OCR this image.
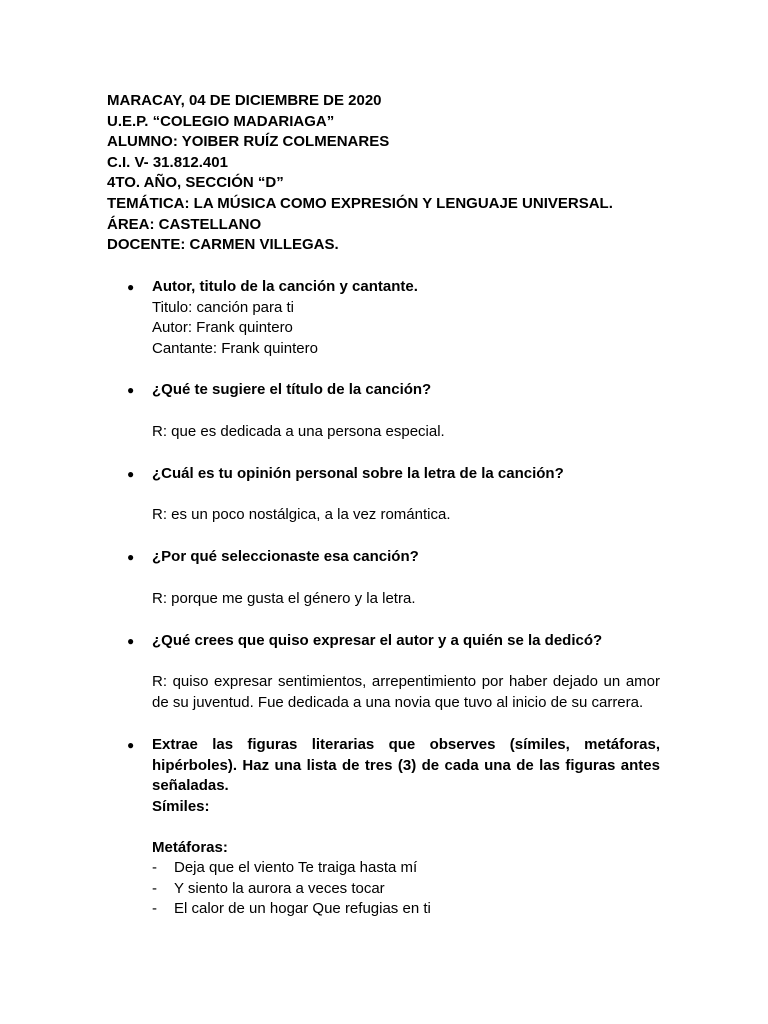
MARACAY, 04 DE DICIEMBRE DE 2020
U.E.P. “COLEGIO MADARIAGA”
ALUMNO: YOIBER RUÍZ COLMENARES
C.I. V- 31.812.401
4TO. AÑO, SECCIÓN “D”
TEMÁTICA: LA MÚSICA COMO EXPRESIÓN Y LENGUAJE UNIVERSAL.
ÁREA: CASTELLANO
DOCENTE: CARMEN VILLEGAS.
● Autor, titulo de la canción y cantante.
Titulo: canción para ti
Autor: Frank quintero
Cantante: Frank quintero
● ¿Qué te sugiere el título de la canción?
R: que es dedicada a una persona especial.
● ¿Cuál es tu opinión personal sobre la letra de la canción?
R: es un poco nostálgica, a la vez romántica.
● ¿Por qué seleccionaste esa canción?
R: porque me gusta el género y la letra.
● ¿Qué crees que quiso expresar el autor y a quién se la dedicó?
R: quiso expresar sentimientos, arrepentimiento por haber dejado un amor de su juventud. Fue dedicada a una novia que tuvo al inicio de su carrera.
● Extrae las figuras literarias que observes (símiles, metáforas, hipérboles). Haz una lista de tres (3) de cada una de las figuras antes señaladas.
Símiles:
Metáforas:
- Deja que el viento Te traiga hasta mí
- Y siento la aurora a veces tocar
- El calor de un hogar Que refugias en ti
